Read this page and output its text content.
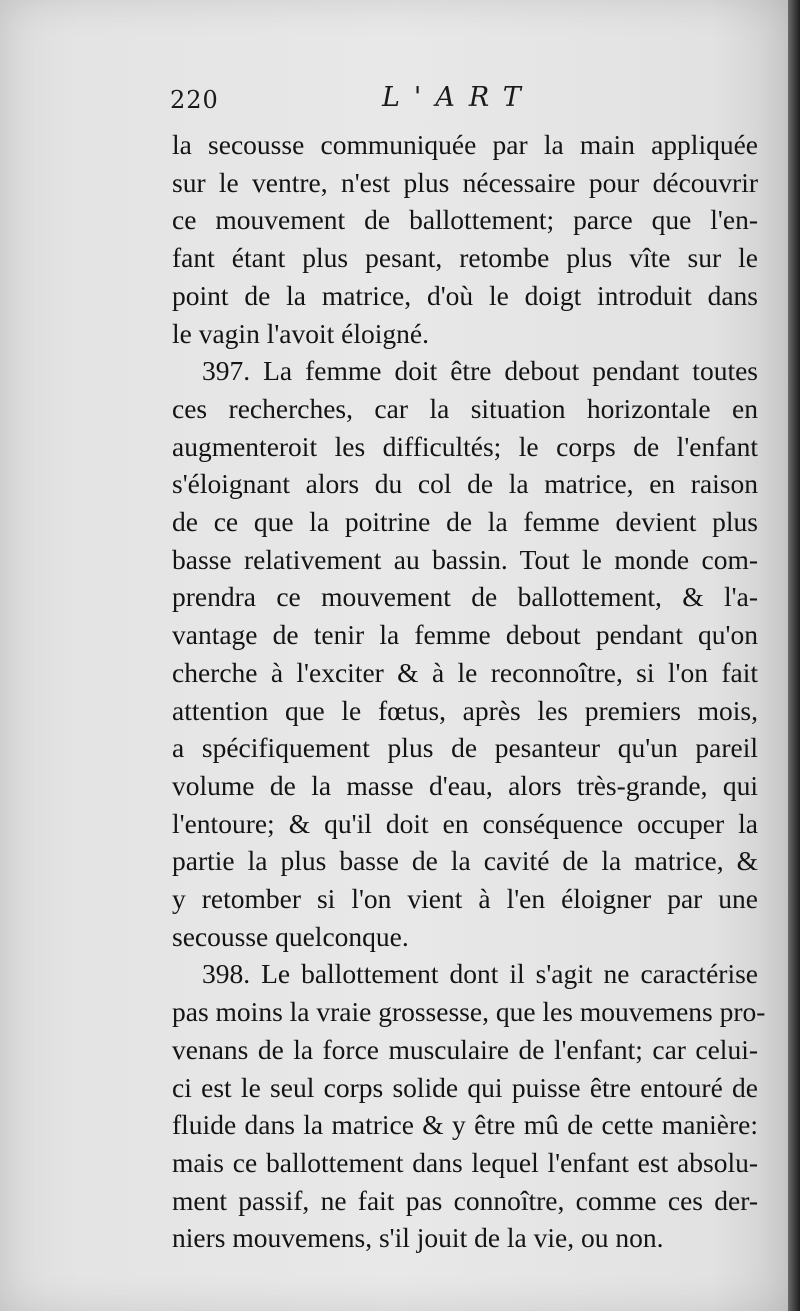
220	L'ART
la secousse communiquée par la main appliquée
sur le ventre, n'est plus nécessaire pour découvrir
ce mouvement de ballottement; parce que l'en-
fant étant plus pesant, retombe plus vîte sur le
point de la matrice, d'où le doigt introduit dans
le vagin l'avoit éloigné.
397. La femme doit être debout pendant toutes
ces recherches, car la situation horizontale en
augmenteroit les difficultés; le corps de l'enfant
s'éloignant alors du col de la matrice, en raison
de ce que la poitrine de la femme devient plus
basse relativement au bassin. Tout le monde com-
prendra ce mouvement de ballottement, & l'a-
vantage de tenir la femme debout pendant qu'on
cherche à l'exciter & à le reconnoître, si l'on fait
attention que le fœtus, après les premiers mois,
a spécifiquement plus de pesanteur qu'un pareil
volume de la masse d'eau, alors très-grande, qui
l'entoure; & qu'il doit en conséquence occuper la
partie la plus basse de la cavité de la matrice, &
y retomber si l'on vient à l'en éloigner par une
secousse quelconque.
398. Le ballottement dont il s'agit ne caractérise
pas moins la vraie grossesse, que les mouvemens pro-
venans de la force musculaire de l'enfant; car celui-
ci est le seul corps solide qui puisse être entouré de
fluide dans la matrice & y être mû de cette manière:
mais ce ballottement dans lequel l'enfant est absolu-
ment passif, ne fait pas connoître, comme ces der-
niers mouvemens, s'il jouit de la vie, ou non.
